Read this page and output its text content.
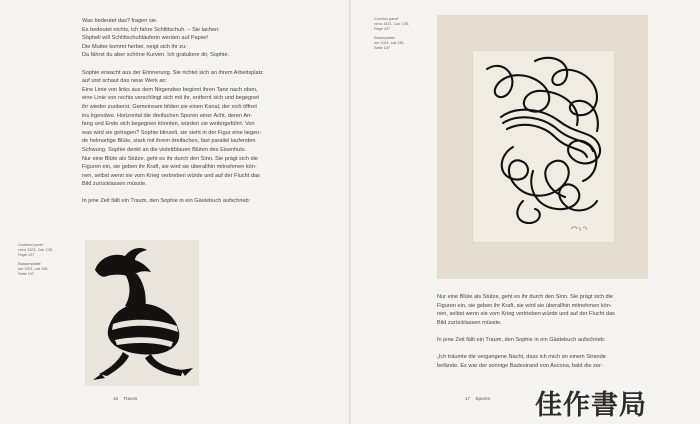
Was bedeutet das? fragen sie.
Es bedeutet nichts, ich fahre Schlittschuh. – Sie lachen:
Söpheli will Schlittschuhläuferin werden auf Papier!
Die Mutter kommt herbei, neigt sich ihr zu:
Da fährst du aber schöne Kurven. Ich gratuliere dir, Sophie.

Sophie erwacht aus der Erinnerung. Sie richtet sich an ihrem Arbeitsplatz
auf und schaut das neue Werk an:
Eine Linie von links aus dem Nirgendwo beginnt ihren Tanz nach oben,
eine Linie von rechts verschlingt sich mit ihr, entfernt sich und begegnet
ihr wieder zuoberst. Gemeinsam bilden sie einen Kanal, der sich öffnet
ins Irgendwo. Horizontal die dreifachen Spuren einer Acht, deren An-
fang und Ende sich begegnen könnten, würden sie weitergeführt. Von
was wird sie getragen? Sophie blinzelt, sie sieht in der Figur eine liegen-
de helmartige Blüte, stark mit ihrem dreifachen, fast parallel laufenden
Schwung. Sophie denkt an die violettblauen Blüten des Eisenhuts.
Nur eine Blüte als Stütze, geht es ihr durch den Sinn. Sie prägt sich die
Figuren ein, sie geben ihr Kraft, sie wird sie überallhin mitnehmen kön-
nen, selbst wenn sie vom Krieg vertrieben würde und auf der Flucht das
Bild zurücklassen müsste.

In jene Zeit fällt ein Traum, den Sophie in ein Gästebuch aufschrieb:

Coathed panel
circa 1921, Cat. 135,
Page 107
Klassenplatte
um 1921, cat 135,
Seite 107
16 Traces
Cushion panel
circa 1921, Cat. 135,
Page 107
Kissenplatte
um 1921, cat 135,
Seite 107

Nur eine Blüte als Stütze, geht es ihr durch den Sinn. Sie prägt sich die
Figuren ein, sie geben ihr Kraft, sie wird sie überallhin mitnehmen kön-
nen, selbst wenn sie vom Krieg vertrieben würde und auf der Flucht das
Bild zurücklassen müsste.

In jene Zeit fällt ein Traum, den Sophie in ein Gästebuch aufschrieb:

„Ich träumte die vergangene Nacht, dass ich mich an einem Strande
befände. Es war der sonnige Badestrand von Ascona, bald die zer-

17 Spuren 佳作書局
